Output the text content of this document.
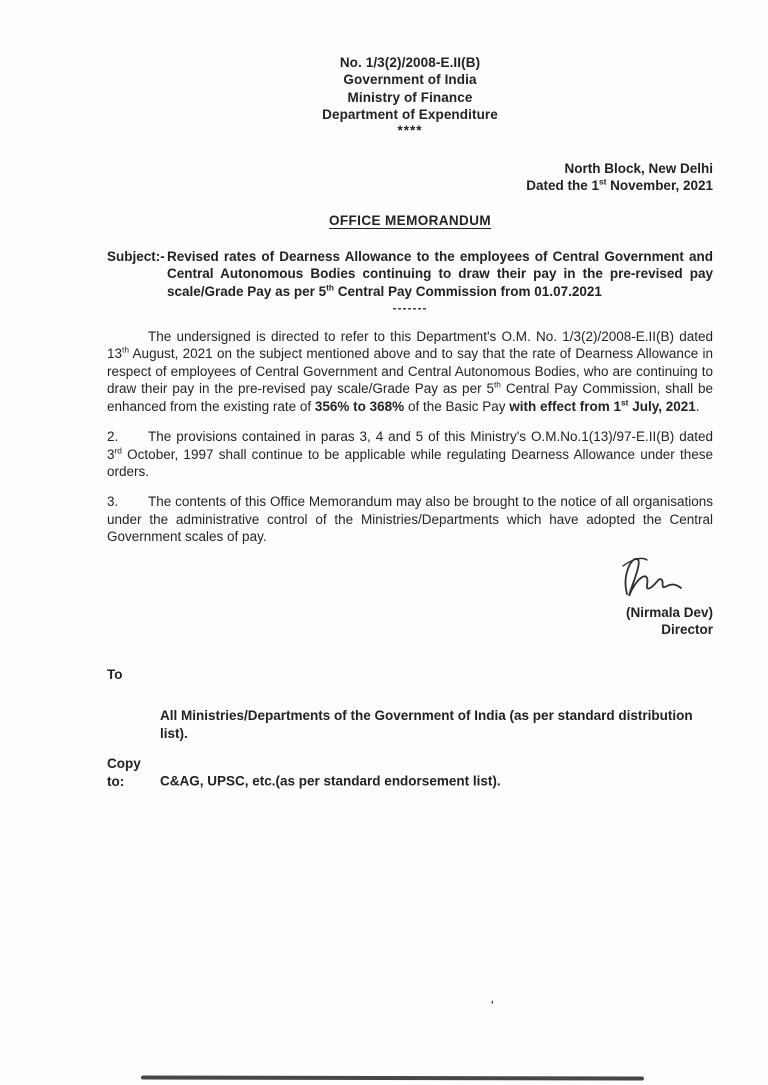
No. 1/3(2)/2008-E.II(B)
Government of India
Ministry of Finance
Department of Expenditure
****
North Block, New Delhi
Dated the 1st November, 2021
OFFICE MEMORANDUM
Subject:- Revised rates of Dearness Allowance to the employees of Central Government and Central Autonomous Bodies continuing to draw their pay in the pre-revised pay scale/Grade Pay as per 5th Central Pay Commission from 01.07.2021
-------

The undersigned is directed to refer to this Department's O.M. No. 1/3(2)/2008-E.II(B) dated 13th August, 2021 on the subject mentioned above and to say that the rate of Dearness Allowance in respect of employees of Central Government and Central Autonomous Bodies, who are continuing to draw their pay in the pre-revised pay scale/Grade Pay as per 5th Central Pay Commission, shall be enhanced from the existing rate of 356% to 368% of the Basic Pay with effect from 1st July, 2021.

2. The provisions contained in paras 3, 4 and 5 of this Ministry's O.M.No.1(13)/97-E.II(B) dated 3rd October, 1997 shall continue to be applicable while regulating Dearness Allowance under these orders.

3. The contents of this Office Memorandum may also be brought to the notice of all organisations under the administrative control of the Ministries/Departments which have adopted the Central Government scales of pay.

(Nirmala Dev)
Director
To
All Ministries/Departments of the Government of India (as per standard distribution list).
Copy to:	C&AG, UPSC, etc.(as per standard endorsement list).
’
